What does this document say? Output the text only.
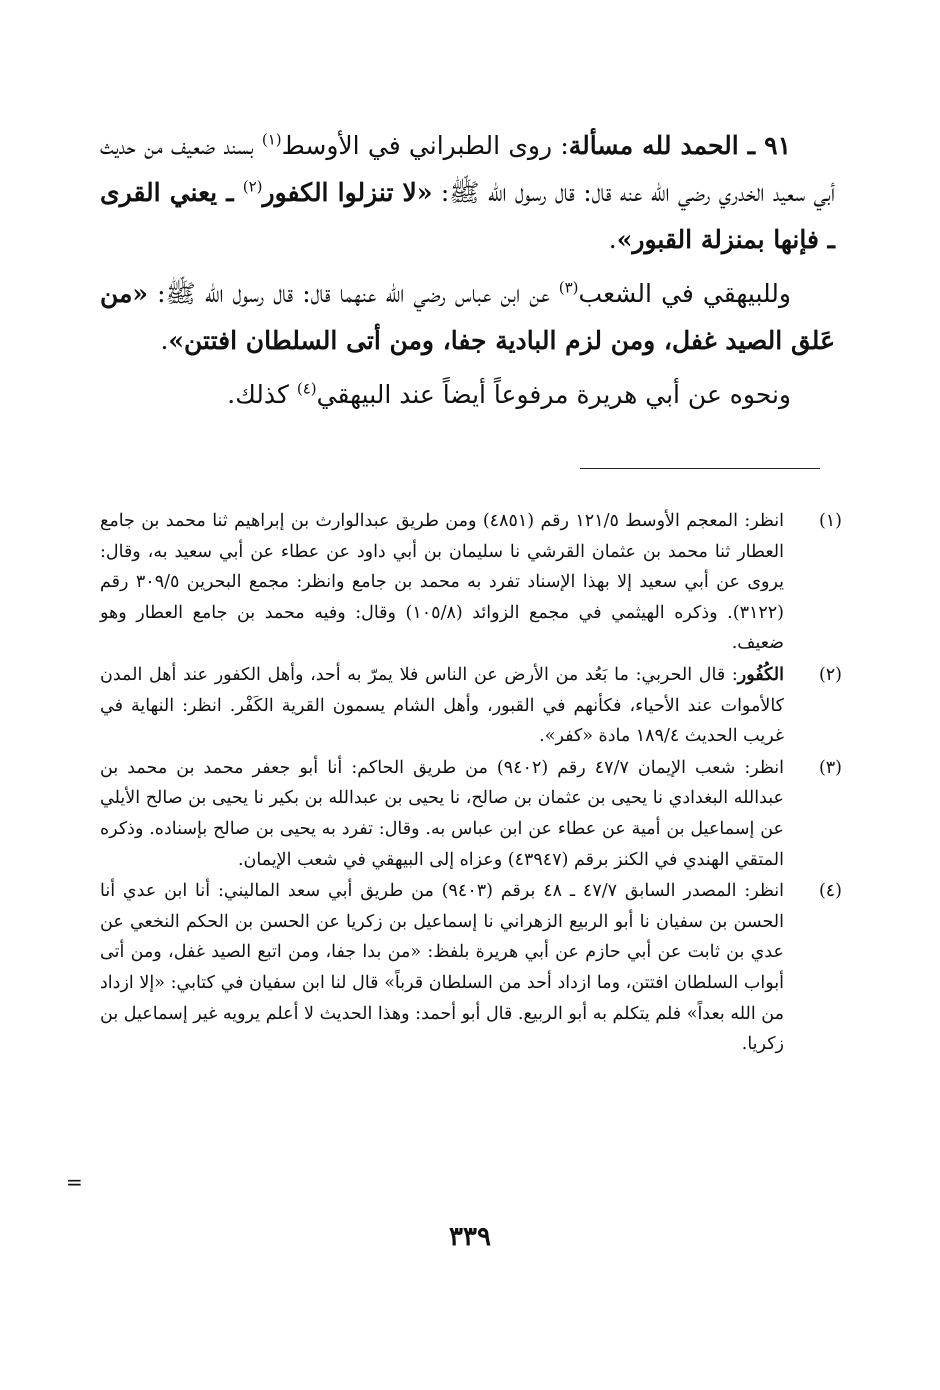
٩١ ـ الحمد لله مسألة: روى الطبراني في الأوسط$^{(١)}$ بسند ضعيف من حديث أبي سعيد الخدري رضي الله عنه قال: قال رسول الله ﷺ: «لا تنزلوا الكفور$^{(٢)}$ ـ يعني القرى ـ فإنها بمنزلة القبور».

وللبيهقي في الشعب$^{(٣)}$ عن ابن عباس رضي الله عنهما قال: قال رسول الله ﷺ: «من عَلق الصيد غفل، ومن لزم البادية جفا، ومن أتى السلطان افتتن».

ونحوه عن أبي هريرة مرفوعاً أيضاً عند البيهقي$^{(٤)}$ كذلك.

(١)
انظر: المعجم الأوسط ١٢١/٥ رقم (٤٨٥١) ومن طريق عبدالوارث بن إبراهيم ثنا محمد بن جامع العطار ثنا محمد بن عثمان القرشي نا سليمان بن أبي داود عن عطاء عن أبي سعيد به، وقال: يروى عن أبي سعيد إلا بهذا الإسناد تفرد به محمد بن جامع وانظر: مجمع البحرين ٣٠٩/٥ رقم (٣١٢٢). وذكره الهيثمي في مجمع الزوائد (١٠٥/٨) وقال: وفيه محمد بن جامع العطار وهو ضعيف.
(٢)
الكُفُور: قال الحربي: ما بَعُد من الأرض عن الناس فلا يمرّ به أحد، وأهل الكفور عند أهل المدن كالأموات عند الأحياء، فكأنهم في القبور، وأهل الشام يسمون القرية الكَفْر. انظر: النهاية في غريب الحديث ١٨٩/٤ مادة «كفر».
(٣)
انظر: شعب الإيمان ٤٧/٧ رقم (٩٤٠٢) من طريق الحاكم: أنا أبو جعفر محمد بن محمد بن عبدالله البغدادي نا يحيى بن عثمان بن صالح، نا يحيى بن عبدالله بن بكير نا يحيى بن صالح الأيلي عن إسماعيل بن أمية عن عطاء عن ابن عباس به. وقال: تفرد به يحيى بن صالح بإسناده. وذكره المتقي الهندي في الكنز برقم (٤٣٩٤٧) وعزاه إلى البيهقي في شعب الإيمان.
(٤)
انظر: المصدر السابق ٤٧/٧ ـ ٤٨ برقم (٩٤٠٣) من طريق أبي سعد الماليني: أنا ابن عدي أنا الحسن بن سفيان نا أبو الربيع الزهراني نا إسماعيل بن زكريا عن الحسن بن الحكم النخعي عن عدي بن ثابت عن أبي حازم عن أبي هريرة بلفظ: «من بدا جفا، ومن اتبع الصيد غفل، ومن أتى أبواب السلطان افتتن، وما ازداد أحد من السلطان قرباً» قال لنا ابن سفيان في كتابي: «إلا ازداد من الله بعداً» فلم يتكلم به أبو الربيع. قال أبو أحمد: وهذا الحديث لا أعلم يرويه غير إسماعيل بن زكريا.
=
٣٣٩
